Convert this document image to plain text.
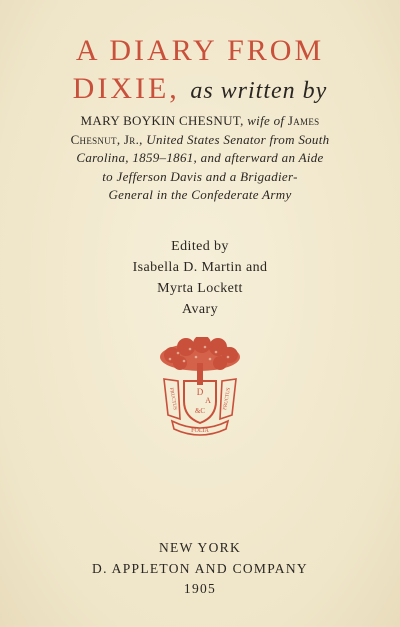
A DIARY FROM
DIXIE, as written by
MARY BOYKIN CHESNUT, wife of James
Chesnut, Jr., United States Senator from South
Carolina, 1859–1861, and afterward an Aide
to Jefferson Davis and a Brigadier-
General in the Confederate Army
Edited by
Isabella D. Martin and
Myrta Lockett
Avary
D
A
&C
FRUCTUS	FRUCTUS
FOLIA
NEW YORK
D. APPLETON AND COMPANY
1905
